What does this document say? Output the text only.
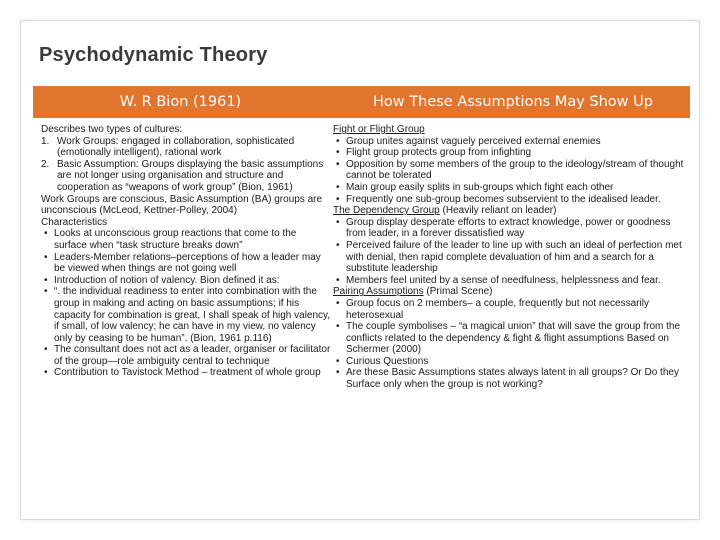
Psychodynamic Theory
W. R Bion (1961)	How These Assumptions May Show Up
Describes two types of cultures:
1. Work Groups: engaged in collaboration, sophisticated (emotionally intelligent), rational work
2. Basic Assumption: Groups displaying the basic assumptions are not longer using organisation and structure and cooperation as “weapons of work group” (Bion, 1961)
Work Groups are conscious, Basic Assumption (BA) groups are unconscious (McLeod, Kettner-Polley, 2004)
Characteristics
• Looks at unconscious group reactions that come to the surface when “task structure breaks down”
• Leaders-Member relations–perceptions of how a leader may be viewed when things are not going well
• Introduction of notion of valency. Bion defined it as:
• “. the individual readiness to enter into combination with the group in making and acting on basic assumptions; if his capacity for combination is great, I shall speak of high valency, if small, of low valency; he can have in my view, no valency only by ceasing to be human”. (Bion, 1961 p.116)
• The consultant does not act as a leader, organiser or facilitator of the group—role ambiguity central to technique
• Contribution to Tavistock Method – treatment of whole group
Fight or Flight Group
• Group unites against vaguely perceived external enemies
• Flight group protects group from infighting
• Opposition by some members of the group to the ideology/stream of thought cannot be tolerated
• Main group easily splits in sub-groups which fight each other
• Frequently one sub-group becomes subservient to the idealised leader.
The Dependency Group (Heavily reliant on leader)
• Group display desperate efforts to extract knowledge, power or goodness from leader, in a forever dissatisfied way
• Perceived failure of the leader to line up with such an ideal of perfection met with denial, then rapid complete devaluation of him and a search for a substitute leadership
• Members feel united by a sense of needfulness, helplessness and fear.
Pairing Assumptions (Primal Scene)
• Group focus on 2 members– a couple, frequently but not necessarily heterosexual
• The couple symbolises – “a magical union” that will save the group from the conflicts related to the dependency & fight & flight assumptions Based on Schermer (2000)
• Curious Questions
• Are these Basic Assumptions states always latent in all groups? Or Do they Surface only when the group is not working?
